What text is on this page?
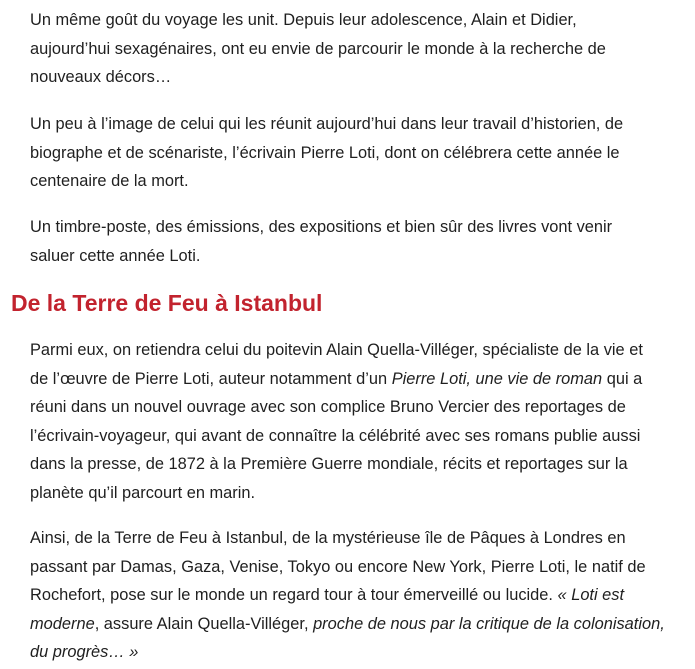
Un même goût du voyage les unit. Depuis leur adolescence, Alain et Didier,
aujourd’hui sexagénaires, ont eu envie de parcourir le monde à la recherche de
nouveaux décors…

Un peu à l’image de celui qui les réunit aujourd’hui dans leur travail d’historien, de
biographe et de scénariste, l’écrivain Pierre Loti, dont on célébrera cette année le
centenaire de la mort.

Un timbre-poste, des émissions, des expositions et bien sûr des livres vont venir
saluer cette année Loti.

De la Terre de Feu à Istanbul

Parmi eux, on retiendra celui du poitevin Alain Quella-Villéger, spécialiste de la vie et
de l’œuvre de Pierre Loti, auteur notamment d’un Pierre Loti, une vie de roman qui a
réuni dans un nouvel ouvrage avec son complice Bruno Vercier des reportages de
l’écrivain-voyageur, qui avant de connaître la célébrité avec ses romans publie aussi
dans la presse, de 1872 à la Première Guerre mondiale, récits et reportages sur la
planète qu’il parcourt en marin.

Ainsi, de la Terre de Feu à Istanbul, de la mystérieuse île de Pâques à Londres en
passant par Damas, Gaza, Venise, Tokyo ou encore New York, Pierre Loti, le natif de
Rochefort, pose sur le monde un regard tour à tour émerveillé ou lucide. « Loti est
moderne, assure Alain Quella-Villéger, proche de nous par la critique de la colonisation,
du progrès… »
